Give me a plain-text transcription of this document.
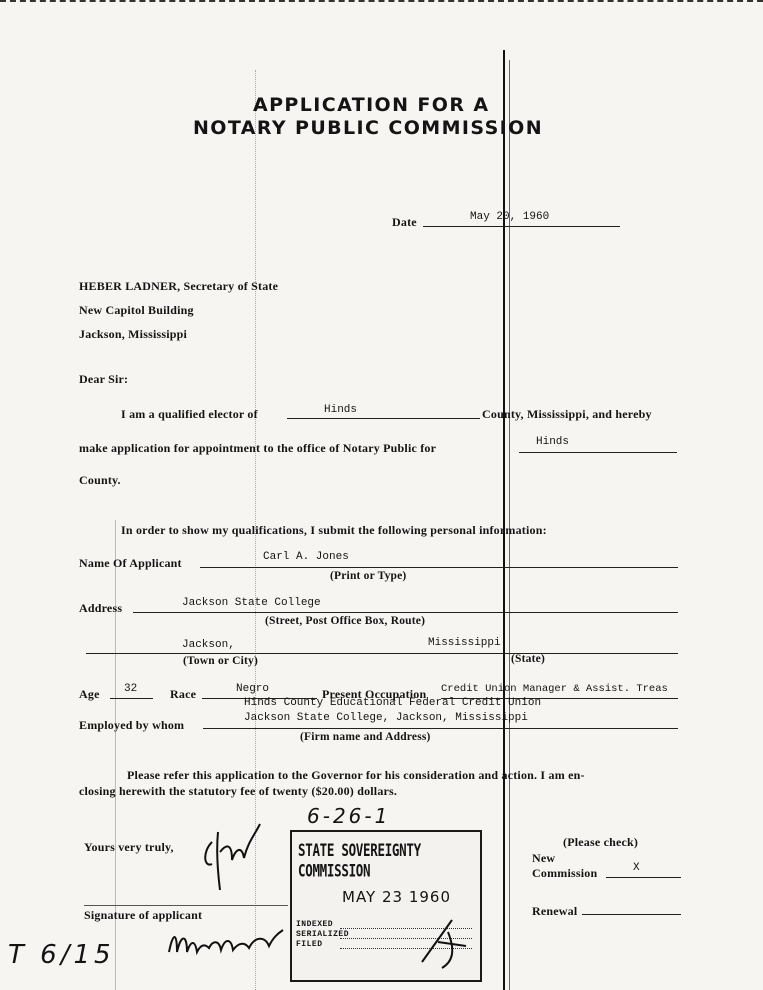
APPLICATION FOR A
NOTARY PUBLIC COMMISSION
Date	May 20, 1960
HEBER LADNER, Secretary of State
New Capitol Building
Jackson, Mississippi
Dear Sir:
I am a qualified elector of	Hinds	County, Mississippi, and hereby
make application for appointment to the office of Notary Public for	Hinds
County.
In order to show my qualifications, I submit the following personal information:
Name Of Applicant	Carl A. Jones
(Print or Type)
Address	Jackson State College
(Street, Post Office Box, Route)
Jackson,	Mississippi
(Town or City)	(State)
Age 32	Race	Negro	Present Occupation Credit Union Manager & Assist. Treas
Hinds County Educational Federal Credit Union
Employed by whom	Jackson State College, Jackson, Mississippi
(Firm name and Address)
Please refer this application to the Governor for his consideration and action. I am en-
closing herewith the statutory fee of twenty ($20.00) dollars.
Yours very truly,
Signature of applicant
(Please check)
New
Commission	X
Renewal
6-26-1
STATE SOVEREIGNTY COMMISSION
MAY 23 1960
INDEXED
SERIALIZED
FILED
T 6/15
